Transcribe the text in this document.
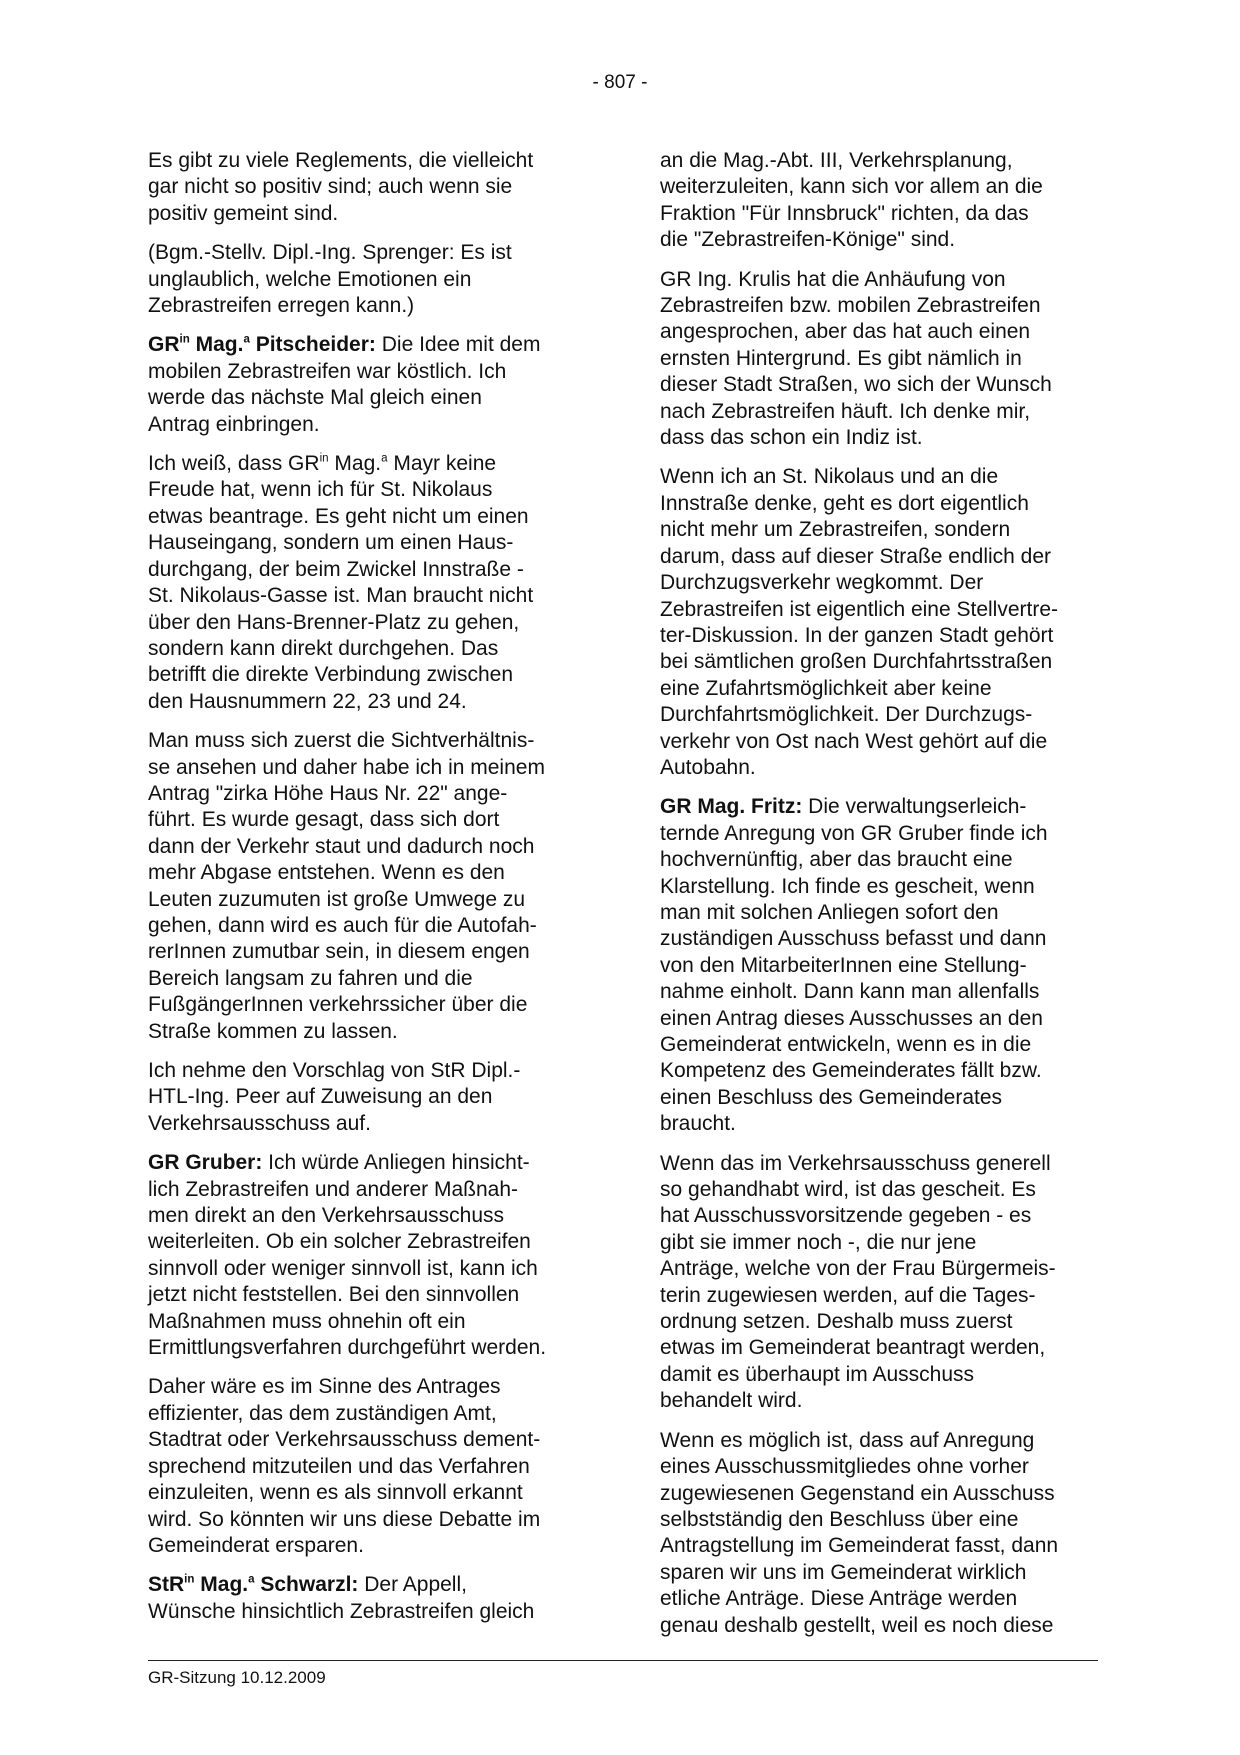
- 807 -

Es gibt zu viele Reglements, die vielleicht
gar nicht so positiv sind; auch wenn sie
positiv gemeint sind.

(Bgm.-Stellv. Dipl.-Ing. Sprenger: Es ist
unglaublich, welche Emotionen ein
Zebrastreifen erregen kann.)

$GR^{in}$ Mag.$^a$ Pitscheider: Die Idee mit dem
mobilen Zebrastreifen war köstlich. Ich
werde das nächste Mal gleich einen
Antrag einbringen.

Ich weiß, dass $GR^{in}$ Mag.$^a$ Mayr keine
Freude hat, wenn ich für St. Nikolaus
etwas beantrage. Es geht nicht um einen
Hauseingang, sondern um einen Haus-
durchgang, der beim Zwickel Innstraße -
St. Nikolaus-Gasse ist. Man braucht nicht
über den Hans-Brenner-Platz zu gehen,
sondern kann direkt durchgehen. Das
betrifft die direkte Verbindung zwischen
den Hausnummern 22, 23 und 24.

Man muss sich zuerst die Sichtverhältnis-
se ansehen und daher habe ich in meinem
Antrag "zirka Höhe Haus Nr. 22" ange-
führt. Es wurde gesagt, dass sich dort
dann der Verkehr staut und dadurch noch
mehr Abgase entstehen. Wenn es den
Leuten zuzumuten ist große Umwege zu
gehen, dann wird es auch für die Autofah-
rerInnen zumutbar sein, in diesem engen
Bereich langsam zu fahren und die
FußgängerInnen verkehrssicher über die
Straße kommen zu lassen.

Ich nehme den Vorschlag von StR Dipl.-
HTL-Ing. Peer auf Zuweisung an den
Verkehrsausschuss auf.

GR Gruber: Ich würde Anliegen hinsicht-
lich Zebrastreifen und anderer Maßnah-
men direkt an den Verkehrsausschuss
weiterleiten. Ob ein solcher Zebrastreifen
sinnvoll oder weniger sinnvoll ist, kann ich
jetzt nicht feststellen. Bei den sinnvollen
Maßnahmen muss ohnehin oft ein
Ermittlungsverfahren durchgeführt werden.

Daher wäre es im Sinne des Antrages
effizienter, das dem zuständigen Amt,
Stadtrat oder Verkehrsausschuss dement-
sprechend mitzuteilen und das Verfahren
einzuleiten, wenn es als sinnvoll erkannt
wird. So könnten wir uns diese Debatte im
Gemeinderat ersparen.

StR$^{in}$ Mag.$^a$ Schwarzl: Der Appell,
Wünsche hinsichtlich Zebrastreifen gleich

an die Mag.-Abt. III, Verkehrsplanung,
weiterzuleiten, kann sich vor allem an die
Fraktion "Für Innsbruck" richten, da das
die "Zebrastreifen-Könige" sind.

GR Ing. Krulis hat die Anhäufung von
Zebrastreifen bzw. mobilen Zebrastreifen
angesprochen, aber das hat auch einen
ernsten Hintergrund. Es gibt nämlich in
dieser Stadt Straßen, wo sich der Wunsch
nach Zebrastreifen häuft. Ich denke mir,
dass das schon ein Indiz ist.

Wenn ich an St. Nikolaus und an die
Innstraße denke, geht es dort eigentlich
nicht mehr um Zebrastreifen, sondern
darum, dass auf dieser Straße endlich der
Durchzugsverkehr wegkommt. Der
Zebrastreifen ist eigentlich eine Stellvertre-
ter-Diskussion. In der ganzen Stadt gehört
bei sämtlichen großen Durchfahrtsstraßen
eine Zufahrtsmöglichkeit aber keine
Durchfahrtsmöglichkeit. Der Durchzugs-
verkehr von Ost nach West gehört auf die
Autobahn.

GR Mag. Fritz: Die verwaltungserleich-
ternde Anregung von GR Gruber finde ich
hochvernünftig, aber das braucht eine
Klarstellung. Ich finde es gescheit, wenn
man mit solchen Anliegen sofort den
zuständigen Ausschuss befasst und dann
von den MitarbeiterInnen eine Stellung-
nahme einholt. Dann kann man allenfalls
einen Antrag dieses Ausschusses an den
Gemeinderat entwickeln, wenn es in die
Kompetenz des Gemeinderates fällt bzw.
einen Beschluss des Gemeinderates
braucht.

Wenn das im Verkehrsausschuss generell
so gehandhabt wird, ist das gescheit. Es
hat Ausschussvorsitzende gegeben - es
gibt sie immer noch -, die nur jene
Anträge, welche von der Frau Bürgermeis-
terin zugewiesen werden, auf die Tages-
ordnung setzen. Deshalb muss zuerst
etwas im Gemeinderat beantragt werden,
damit es überhaupt im Ausschuss
behandelt wird.

Wenn es möglich ist, dass auf Anregung
eines Ausschussmitgliedes ohne vorher
zugewiesenen Gegenstand ein Ausschuss
selbstständig den Beschluss über eine
Antragstellung im Gemeinderat fasst, dann
sparen wir uns im Gemeinderat wirklich
etliche Anträge. Diese Anträge werden
genau deshalb gestellt, weil es noch diese

GR-Sitzung 10.12.2009
